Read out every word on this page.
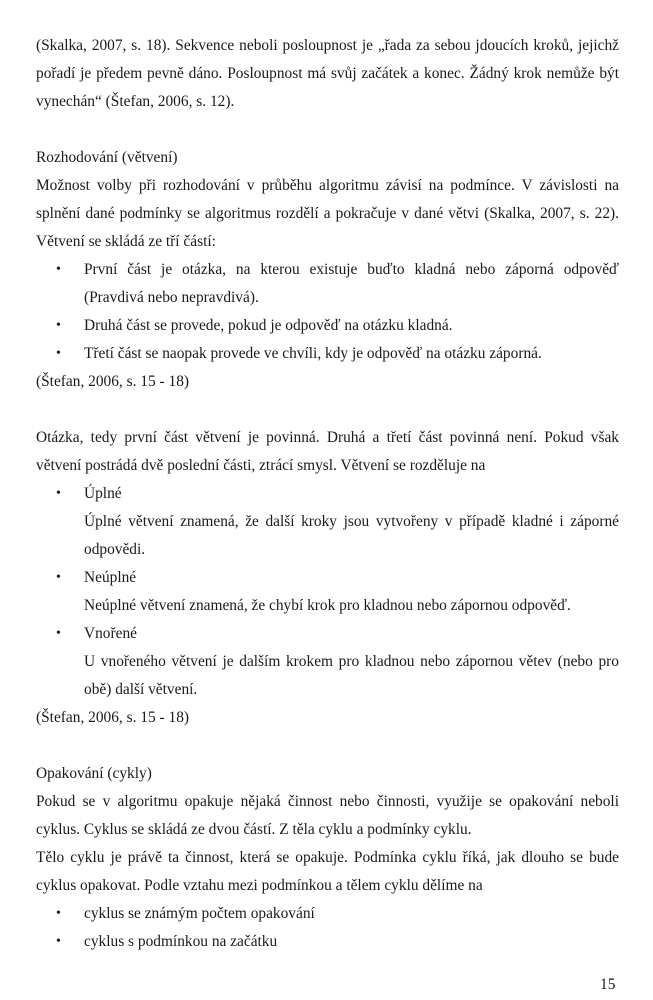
(Skalka, 2007, s. 18). Sekvence neboli posloupnost je „řada za sebou jdoucích kroků, jejichž
pořadí je předem pevně dáno. Posloupnost má svůj začátek a konec. Žádný krok nemůže být
vynechán“ (Štefan, 2006, s. 12).
Rozhodování (větvení)
Možnost volby při rozhodování v průběhu algoritmu závisí na podmínce. V závislosti na
splnění dané podmínky se algoritmus rozdělí a pokračuje v dané větvi (Skalka, 2007, s. 22).
Větvení se skládá ze tří částí:
• První část je otázka, na kterou existuje buďto kladná nebo záporná odpověď
(Pravdivá nebo nepravdivá).
• Druhá část se provede, pokud je odpověď na otázku kladná.
• Třetí část se naopak provede ve chvíli, kdy je odpověď na otázku záporná.
(Štefan, 2006, s. 15 - 18)
Otázka, tedy první část větvení je povinná. Druhá a třetí část povinná není. Pokud však
větvení postrádá dvě poslední části, ztrácí smysl. Větvení se rozděluje na
• Úplné
Úplné větvení znamená, že další kroky jsou vytvořeny v případě kladné i záporné
odpovědi.
• Neúplné
Neúplné větvení znamená, že chybí krok pro kladnou nebo zápornou odpověď.
• Vnořené
U vnořeného větvení je dalším krokem pro kladnou nebo zápornou větev (nebo pro
obě) další větvení.
(Štefan, 2006, s. 15 - 18)
Opakování (cykly)
Pokud se v algoritmu opakuje nějaká činnost nebo činnosti, využije se opakování neboli
cyklus. Cyklus se skládá ze dvou částí. Z těla cyklu a podmínky cyklu.
Tělo cyklu je právě ta činnost, která se opakuje. Podmínka cyklu říká, jak dlouho se bude
cyklus opakovat. Podle vztahu mezi podmínkou a tělem cyklu dělíme na
• cyklus se známým počtem opakování
• cyklus s podmínkou na začátku
15
